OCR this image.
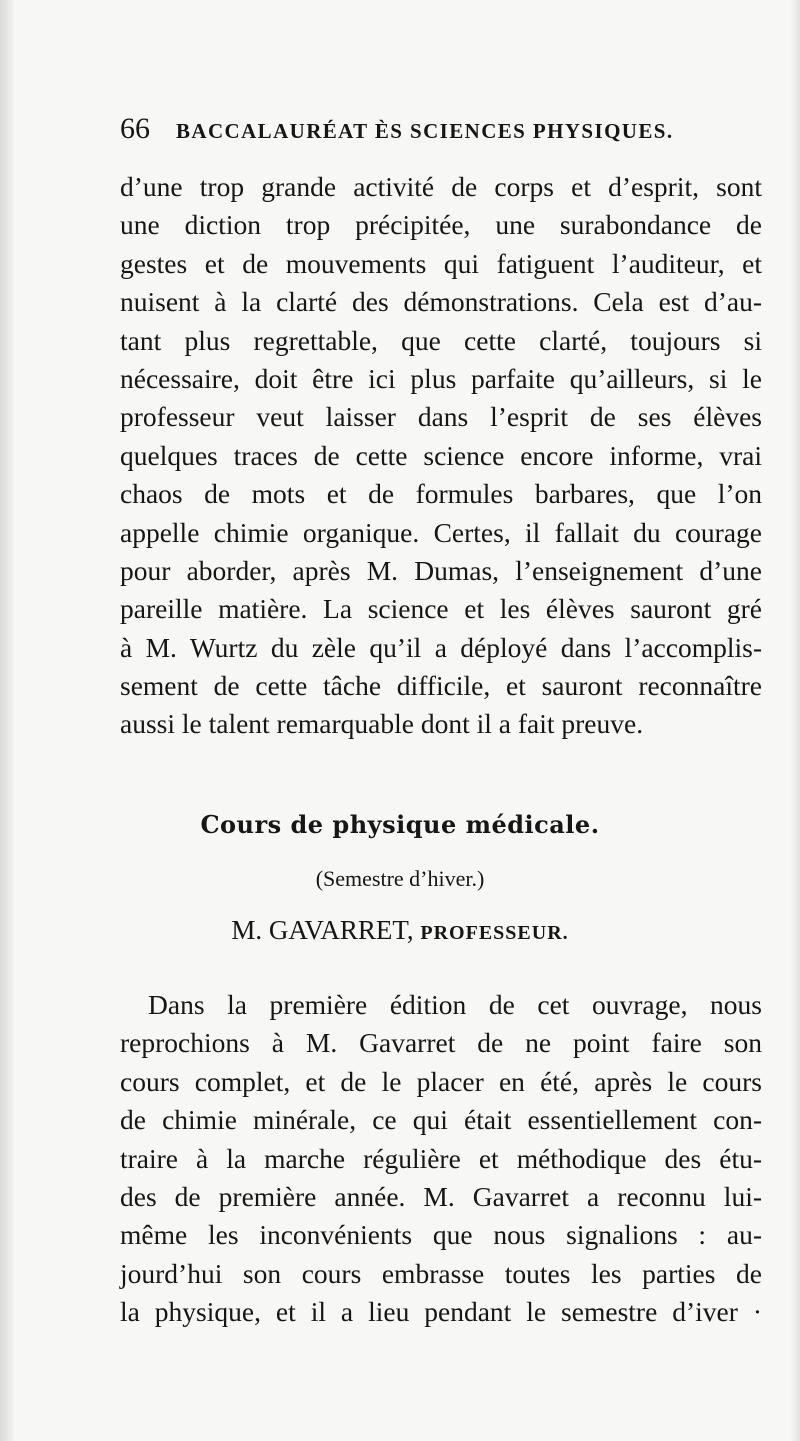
66 BACCALAURÉAT ÈS SCIENCES PHYSIQUES.
d’une trop grande activité de corps et d’esprit, sont
une diction trop précipitée, une surabondance de
gestes et de mouvements qui fatiguent l’auditeur, et
nuisent à la clarté des démonstrations. Cela est d’au-
tant plus regrettable, que cette clarté, toujours si
nécessaire, doit être ici plus parfaite qu’ailleurs, si le
professeur veut laisser dans l’esprit de ses élèves
quelques traces de cette science encore informe, vrai
chaos de mots et de formules barbares, que l’on
appelle chimie organique. Certes, il fallait du courage
pour aborder, après M. Dumas, l’enseignement d’une
pareille matière. La science et les élèves sauront gré
à M. Wurtz du zèle qu’il a déployé dans l’accomplis-
sement de cette tâche difficile, et sauront reconnaître
aussi le talent remarquable dont il a fait preuve.
Cours de physique médicale.
(Semestre d’hiver.)
M. GAVARRET, PROFESSEUR.
Dans la première édition de cet ouvrage, nous
reprochions à M. Gavarret de ne point faire son
cours complet, et de le placer en été, après le cours
de chimie minérale, ce qui était essentiellement con-
traire à la marche régulière et méthodique des étu-
des de première année. M. Gavarret a reconnu lui-
même les inconvénients que nous signalions : au-
jourd’hui son cours embrasse toutes les parties de
la physique, et il a lieu pendant le semestre d’iver ·
